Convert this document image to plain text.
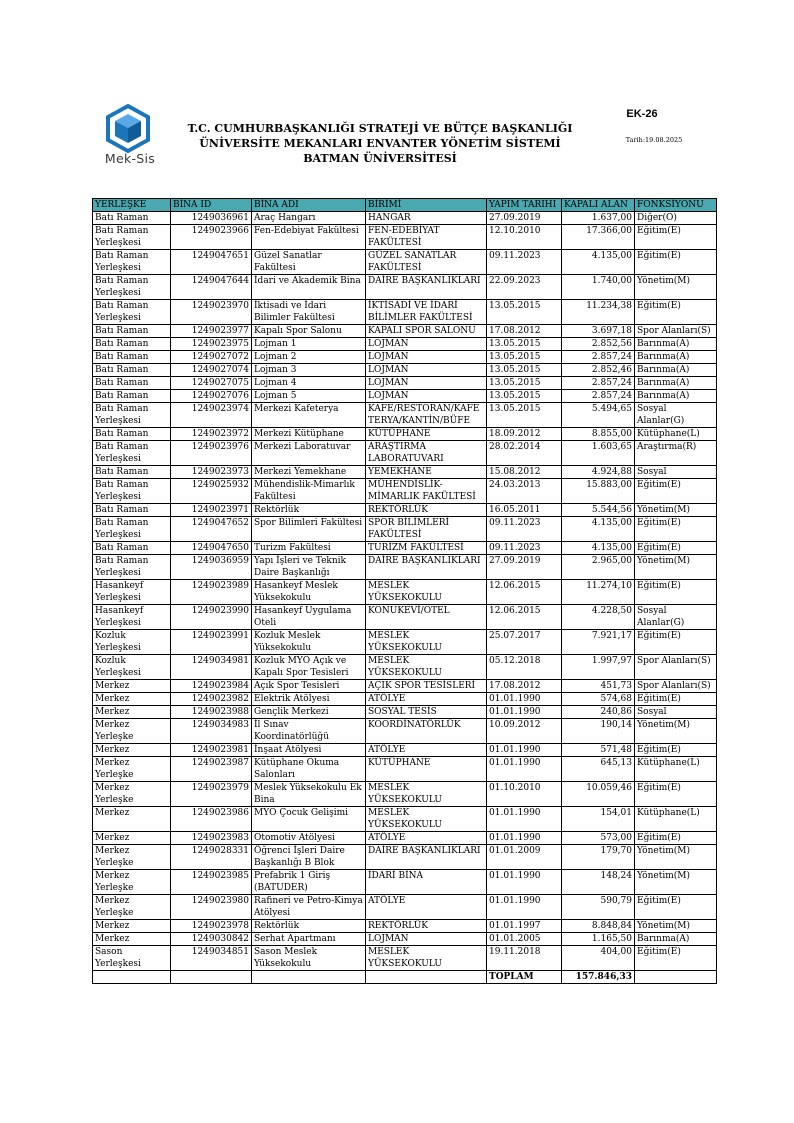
Mek-Sis
T.C. CUMHURBAŞKANLIĞI STRATEJİ VE BÜTÇE BAŞKANLIĞI
ÜNİVERSİTE MEKANLARI ENVANTER YÖNETİM SİSTEMİ
BATMAN ÜNİVERSİTESİ
EK-26
Tarih:19.08.2025
YERLEŞKE	BİNA ID	BİNA ADI	BİRİMİ	YAPIM TARIHI	KAPALI ALAN	FONKSİYONU
Batı Raman	1249036961	Araç Hangarı	HANGAR	27.09.2019	1.637,00	Diğer(O)
Batı Raman Yerleşkesi	1249023966	Fen-Edebiyat Fakültesi	FEN-EDEBİYAT FAKÜLTESİ	12.10.2010	17.366,00	Eğitim(E)
Batı Raman Yerleşkesi	1249047651	Güzel Sanatlar Fakültesi	GÜZEL SANATLAR FAKÜLTESİ	09.11.2023	4.135,00	Eğitim(E)
Batı Raman Yerleşkesi	1249047644	İdari ve Akademik Bina	DAİRE BAŞKANLIKLARI	22.09.2023	1.740,00	Yönetim(M)
Batı Raman Yerleşkesi	1249023970	İktisadi ve İdari Bilimler Fakültesi	İKTİSADİ VE İDARİ BİLİMLER FAKÜLTESİ	13.05.2015	11.234,38	Eğitim(E)
Batı Raman	1249023977	Kapalı Spor Salonu	KAPALI SPOR SALONU	17.08.2012	3.697,18	Spor Alanları(S)
Batı Raman	1249023975	Lojman 1	LOJMAN	13.05.2015	2.852,56	Barınma(A)
Batı Raman	1249027072	Lojman 2	LOJMAN	13.05.2015	2.857,24	Barınma(A)
Batı Raman	1249027074	Lojman 3	LOJMAN	13.05.2015	2.852,46	Barınma(A)
Batı Raman	1249027075	Lojman 4	LOJMAN	13.05.2015	2.857,24	Barınma(A)
Batı Raman	1249027076	Lojman 5	LOJMAN	13.05.2015	2.857,24	Barınma(A)
Batı Raman Yerleşkesi	1249023974	Merkezi Kafeterya	KAFE/RESTORAN/KAFE TERYA/KANTİN/BÜFE	13.05.2015	5.494,65	Sosyal Alanlar(G)
Batı Raman	1249023972	Merkezi Kütüphane	KÜTÜPHANE	18.09.2012	8.855,00	Kütüphane(L)
Batı Raman Yerleşkesi	1249023976	Merkezi Laboratuvar	ARAŞTIRMA LABORATUVARI	28.02.2014	1.603,65	Araştırma(R)
Batı Raman	1249023973	Merkezi Yemekhane	YEMEKHANE	15.08.2012	4.924,88	Sosyal
Batı Raman Yerleşkesi	1249025932	Mühendislik-Mimarlık Fakültesi	MÜHENDİSLİK-MİMARLIK FAKÜLTESİ	24.03.2013	15.883,00	Eğitim(E)
Batı Raman	1249023971	Rektörlük	REKTÖRLÜK	16.05.2011	5.544,56	Yönetim(M)
Batı Raman Yerleşkesi	1249047652	Spor Bilimleri Fakültesi	SPOR BİLİMLERİ FAKÜLTESİ	09.11.2023	4.135,00	Eğitim(E)
Batı Raman	1249047650	Turizm Fakültesi	TURİZM FAKÜLTESİ	09.11.2023	4.135,00	Eğitim(E)
Batı Raman Yerleşkesi	1249036959	Yapı İşleri ve Teknik Daire Başkanlığı	DAİRE BAŞKANLIKLARI	27.09.2019	2.965,00	Yönetim(M)
Hasankeyf Yerleşkesi	1249023989	Hasankeyf Meslek Yüksekokulu	MESLEK YÜKSEKOKULU	12.06.2015	11.274,10	Eğitim(E)
Hasankeyf Yerleşkesi	1249023990	Hasankeyf Uygulama Oteli	KONUKEVİ/OTEL	12.06.2015	4.228,50	Sosyal Alanlar(G)
Kozluk Yerleşkesi	1249023991	Kozluk Meslek Yüksekokulu	MESLEK YÜKSEKOKULU	25.07.2017	7.921,17	Eğitim(E)
Kozluk Yerleşkesi	1249034981	Kozluk MYO Açık ve Kapalı Spor Tesisleri	MESLEK YÜKSEKOKULU	05.12.2018	1.997,97	Spor Alanları(S)
Merkez	1249023984	Açık Spor Tesisleri	AÇIK SPOR TESİSLERİ	17.08.2012	451,73	Spor Alanları(S)
Merkez	1249023982	Elektrik Atölyesi	ATÖLYE	01.01.1990	574,68	Eğitim(E)
Merkez	1249023988	Gençlik Merkezi	SOSYAL TESİS	01.01.1990	240,86	Sosyal
Merkez Yerleşke	1249034983	İl Sınav Koordinatörlüğü	KOORDİNATÖRLÜK	10.09.2012	190,14	Yönetim(M)
Merkez	1249023981	İnşaat Atölyesi	ATÖLYE	01.01.1990	571,48	Eğitim(E)
Merkez Yerleşke	1249023987	Kütüphane Okuma Salonları	KÜTÜPHANE	01.01.1990	645,13	Kütüphane(L)
Merkez Yerleşke	1249023979	Meslek Yüksekokulu Ek Bina	MESLEK YÜKSEKOKULU	01.10.2010	10.059,46	Eğitim(E)
Merkez	1249023986	MYO Çocuk Gelişimi	MESLEK YÜKSEKOKULU	01.01.1990	154,01	Kütüphane(L)
Merkez	1249023983	Otomotiv Atölyesi	ATÖLYE	01.01.1990	573,00	Eğitim(E)
Merkez Yerleşke	1249028331	Öğrenci İşleri Daire Başkanlığı B Blok	DAİRE BAŞKANLIKLARI	01.01.2009	179,70	Yönetim(M)
Merkez Yerleşke	1249023985	Prefabrik 1 Giriş (BATUDER)	İDARİ BİNA	01.01.1990	148,24	Yönetim(M)
Merkez Yerleşke	1249023980	Rafineri ve Petro-Kimya Atölyesi	ATÖLYE	01.01.1990	590,79	Eğitim(E)
Merkez	1249023978	Rektörlük	REKTÖRLÜK	01.01.1997	8.848,84	Yönetim(M)
Merkez	1249030842	Serhat Apartmanı	LOJMAN	01.01.2005	1.165,50	Barınma(A)
Sason Yerleşkesi	1249034851	Sason Meslek Yüksekokulu	MESLEK YÜKSEKOKULU	19.11.2018	404,00	Eğitim(E)
				TOPLAM	157.846,33	
